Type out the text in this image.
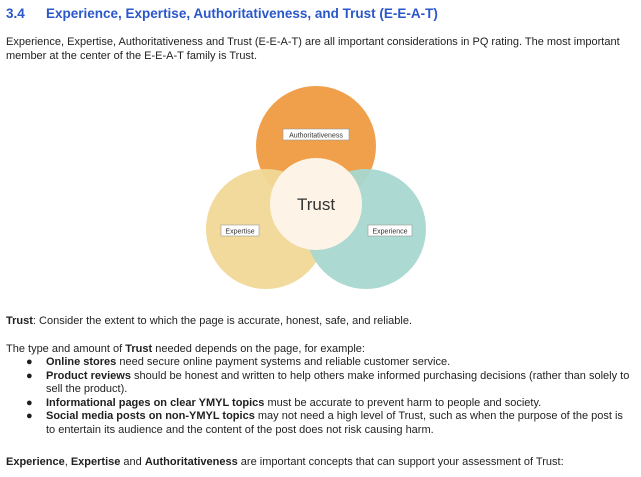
3.4 Experience, Expertise, Authoritativeness, and Trust (E-E-A-T)
Experience, Expertise, Authoritativeness and Trust (E-E-A-T) are all important considerations in PQ rating. The most important member at the center of the E-E-A-T family is Trust.
Trust
Authoritativeness
Expertise	Experience
Trust: Consider the extent to which the page is accurate, honest, safe, and reliable.
The type and amount of Trust needed depends on the page, for example:
● Online stores need secure online payment systems and reliable customer service.
● Product reviews should be honest and written to help others make informed purchasing decisions (rather than solely to sell the product).
● Informational pages on clear YMYL topics must be accurate to prevent harm to people and society.
● Social media posts on non-YMYL topics may not need a high level of Trust, such as when the purpose of the post is to entertain its audience and the content of the post does not risk causing harm.
Experience, Expertise and Authoritativeness are important concepts that can support your assessment of Trust:
